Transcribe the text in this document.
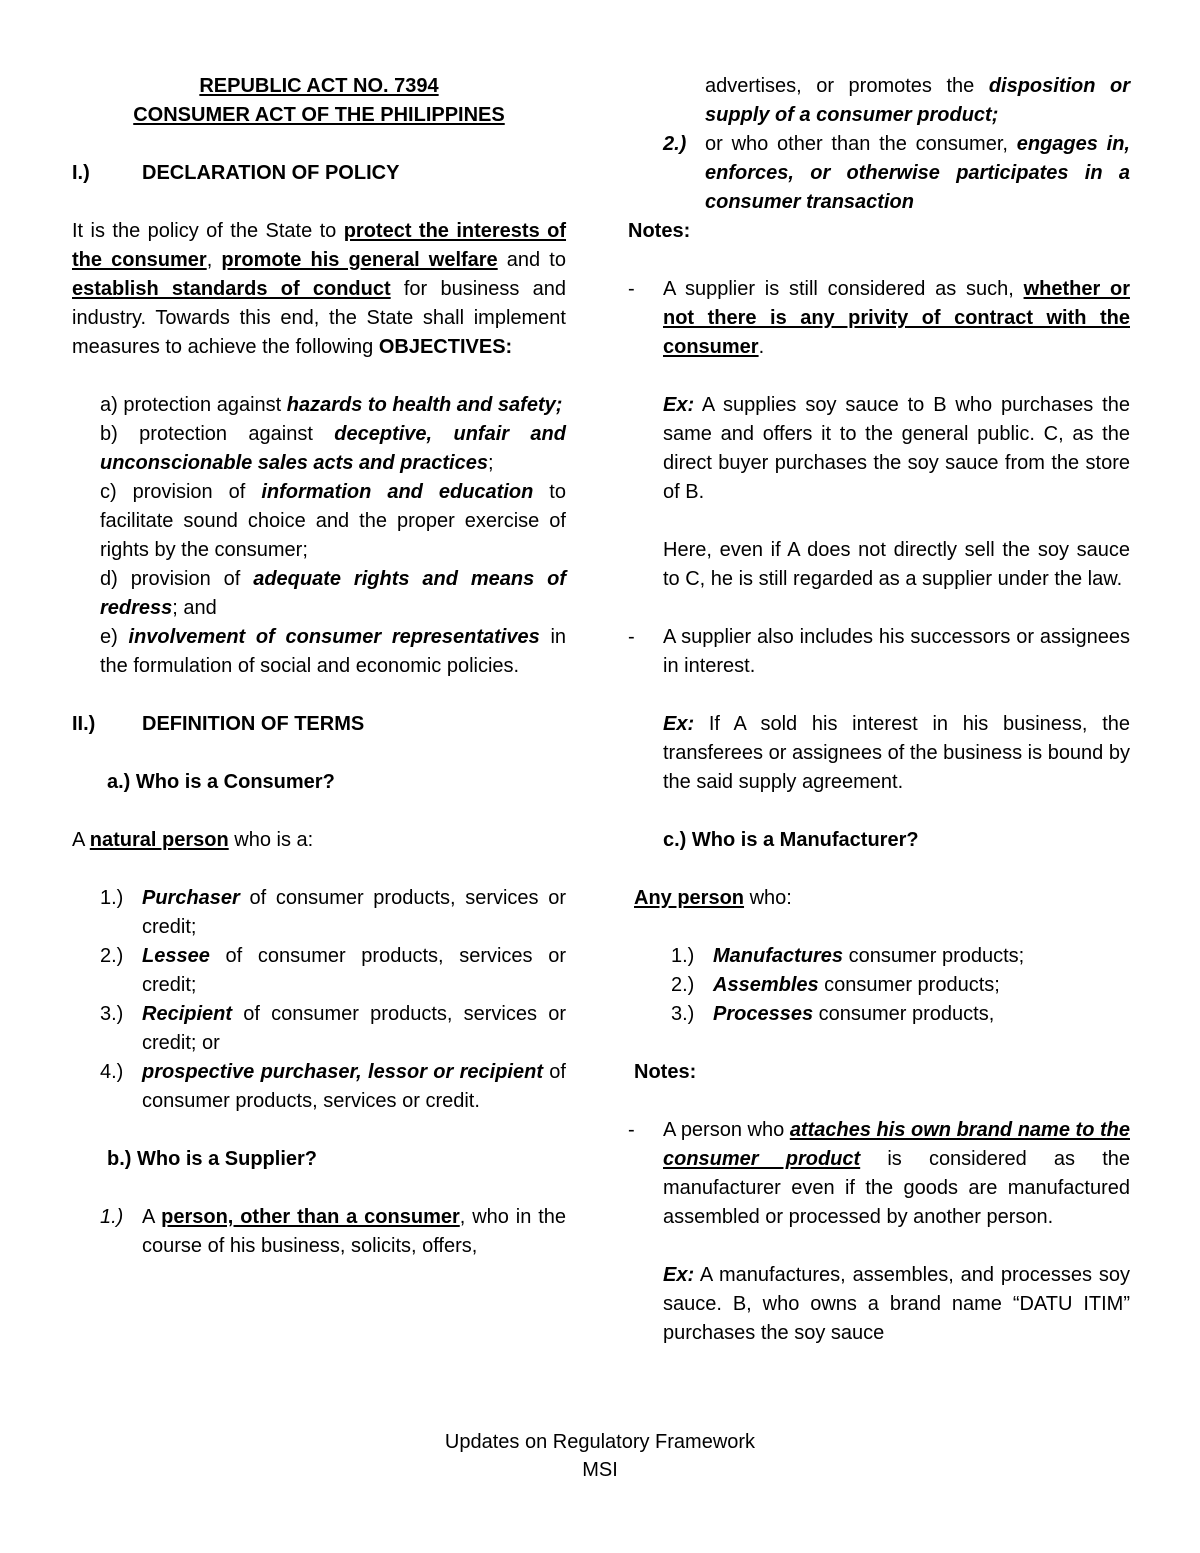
REPUBLIC ACT NO. 7394

CONSUMER ACT OF THE PHILIPPINES

I.)	DECLARATION OF POLICY

It is the policy of the State to protect the interests of the consumer, promote his general welfare and to establish standards of conduct for business and industry. Towards this end, the State shall implement measures to achieve the following OBJECTIVES:

a) protection against hazards to health and safety;

b) protection against deceptive, unfair and unconscionable sales acts and practices;

c) provision of information and education to facilitate sound choice and the proper exercise of rights by the consumer;

d) provision of adequate rights and means of redress; and

e) involvement of consumer representatives in the formulation of social and economic policies.

II.)	DEFINITION OF TERMS

a.) Who is a Consumer?

A natural person who is a:

1.) Purchaser of consumer products, services or credit;
2.) Lessee of consumer products, services or credit;
3.) Recipient of consumer products, services or credit; or
4.) prospective purchaser, lessor or recipient of consumer products, services or credit.

b.) Who is a Supplier?

1.) A person, other than a consumer, who in the course of his business, solicits, offers,
advertises, or promotes the disposition or supply of a consumer product;
2.) or who other than the consumer, engages in, enforces, or otherwise participates in a consumer transaction

Notes:

-	A supplier is still considered as such, whether or not there is any privity of contract with the consumer.

Ex: A supplies soy sauce to B who purchases the same and offers it to the general public. C, as the direct buyer purchases the soy sauce from the store of B.

Here, even if A does not directly sell the soy sauce to C, he is still regarded as a supplier under the law.

-	A supplier also includes his successors or assignees in interest.

Ex: If A sold his interest in his business, the transferees or assignees of the business is bound by the said supply agreement.

c.) Who is a Manufacturer?

Any person who:

1.) Manufactures consumer products;
2.) Assembles consumer products;
3.) Processes consumer products,

Notes:

-	A person who attaches his own brand name to the consumer product is considered as the manufacturer even if the goods are manufactured assembled or processed by another person.

Ex: A manufactures, assembles, and processes soy sauce. B, who owns a brand name “DATU ITIM” purchases the soy sauce

Updates on Regulatory Framework

MSI
